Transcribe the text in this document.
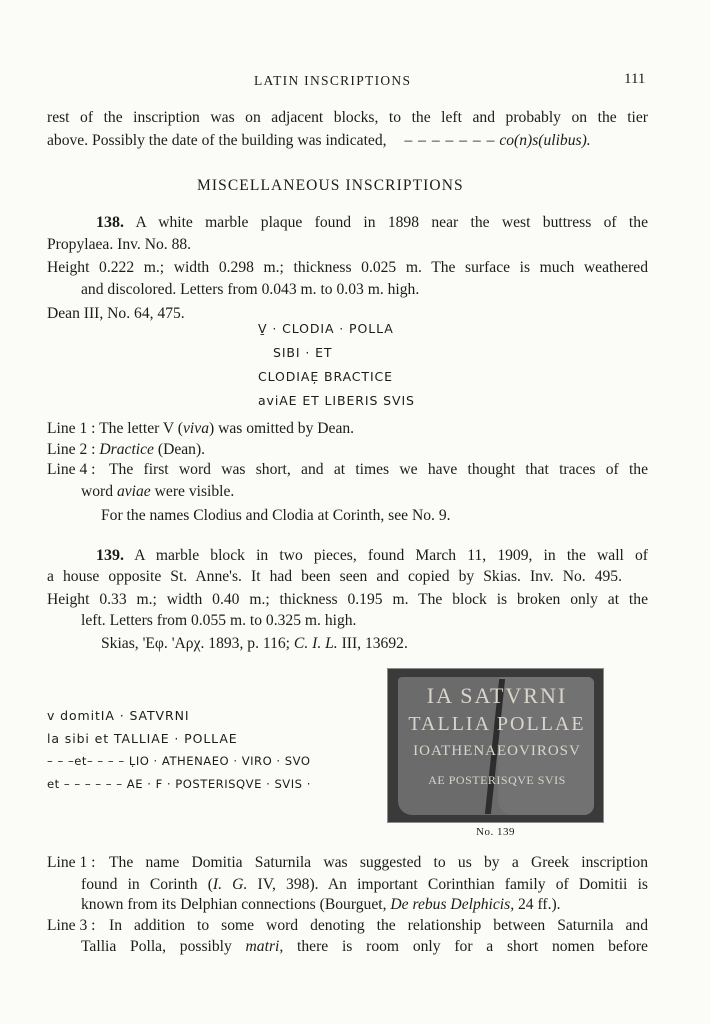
LATIN INSCRIPTIONS	111
rest of the inscription was on adjacent blocks, to the left and probably on the tier
above. Possibly the date of the building was indicated, – – – – – – – co(n)s(ulibus).
MISCELLANEOUS INSCRIPTIONS
138. A white marble plaque found in 1898 near the west buttress of the
Propylaea. Inv. No. 88.
Height 0.222 m.; width 0.298 m.; thickness 0.025 m. The surface is much weathered
and discolored. Letters from 0.043 m. to 0.03 m. high.
Dean III, No. 64, 475.
V̱ · CLODIA · POLLA
SIBI · ET
CLODIAE̦ BRACTICE
aviAE ET LIBERIS SVIS
Line 1 : The letter V (viva) was omitted by Dean.
Line 2 : Dractice (Dean).
Line 4 : The first word was short, and at times we have thought that traces of the
word aviae were visible.
For the names Clodius and Clodia at Corinth, see No. 9.
139. A marble block in two pieces, found March 11, 1909, in the wall of
a house opposite St. Anne's. It had been seen and copied by Skias. Inv. No. 495.
Height 0.33 m.; width 0.40 m.; thickness 0.195 m. The block is broken only at the
left. Letters from 0.055 m. to 0.325 m. high.
Skias, 'Εφ. 'Αρχ. 1893, p. 116; C. I. L. III, 13692.
v domitIA · SATVRNI
la sibi et TALLIAE · POLLAE
– – –et– – – – ḶIO · ATHENAEO · VIRO · SVO
et – – – – – – AE · F · POSTERISQVE · SVIS ·
IA SATVRNI
TALLIA POLLAE
IOATHENAEOVIROSV
AE POSTERISQVE SVIS
No. 139
Line 1 : The name Domitia Saturnila was suggested to us by a Greek inscription
found in Corinth (I. G. IV, 398). An important Corinthian family of Domitii is
known from its Delphian connections (Bourguet, De rebus Delphicis, 24 ff.).
Line 3 : In addition to some word denoting the relationship between Saturnila and
Tallia Polla, possibly matri, there is room only for a short nomen before
